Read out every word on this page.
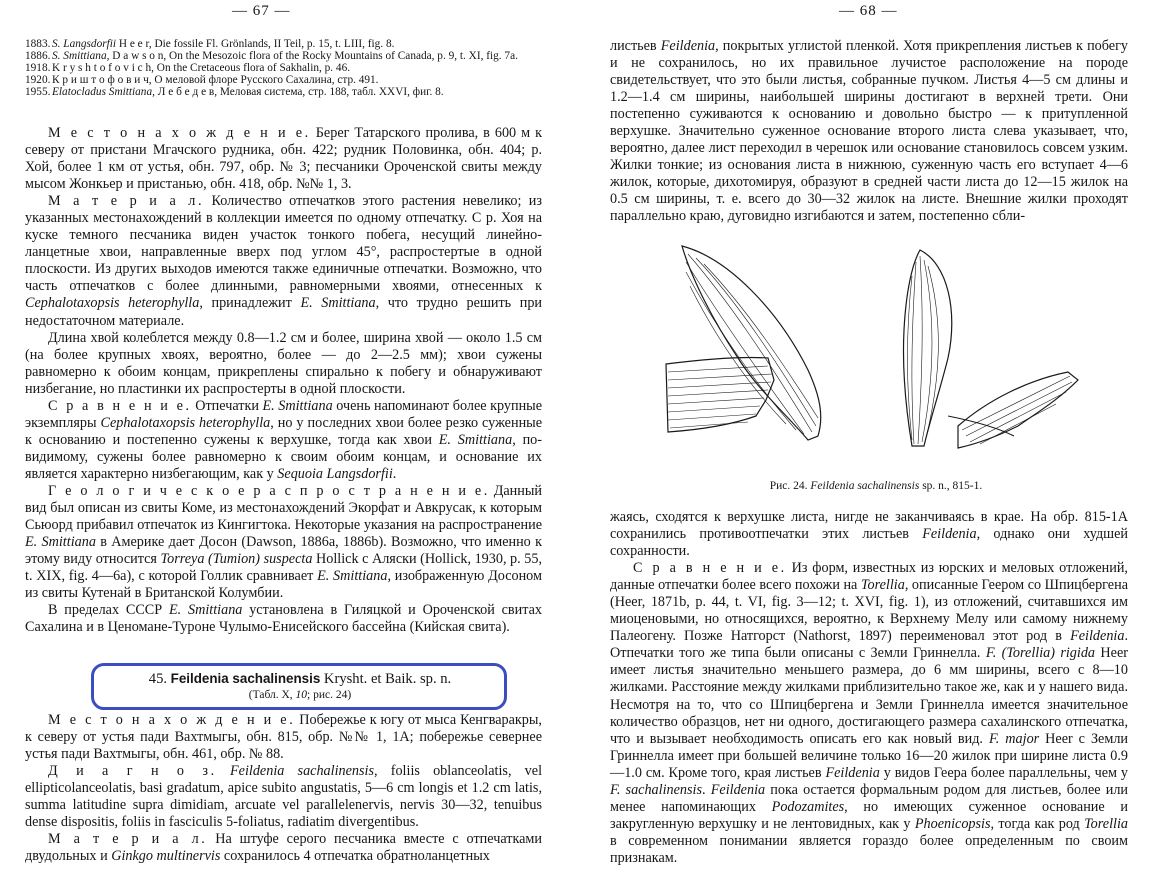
— 67 —
1883. S. Langsdorfii H e e r, Die fossile Fl. Grönlands, II Teil, p. 15, t. LIII, fig. 8.
1886. S. Smittiana, D a w s o n, On the Mesozoic flora of the Rocky Mountains of Canada, p. 9, t. XI, fig. 7a.
1918. K r y s h t o f o v i c h, On the Cretaceous flora of Sakhalin, p. 46.
1920. К р и ш т о ф о в и ч, О меловой флоре Русского Сахалина, стр. 491.
1955. Elatocladus Smittiana, Л е б е д е в, Меловая система, стр. 188, табл. XXVI, фиг. 8.

М е с т о н а х о ж д е н и е. Берег Татарского пролива, в 600 м к северу от пристани Мгачского рудника, обн. 422; рудник Половинка, обн. 404; р. Хой, более 1 км от устья, обн. 797, обр. № 3; песчаники Ороченской свиты между мысом Жонкьер и пристанью, обн. 418, обр. №№ 1, 3.

М а т е р и а л. Количество отпечатков этого растения невелико; из указанных местонахождений в коллекции имеется по одному отпечатку. С р. Хоя на куске темного песчаника виден участок тонкого побега, несущий линейно-ланцетные хвои, направленные вверх под углом 45°, распростертые в одной плоскости. Из других выходов имеются также единичные отпечатки. Возможно, что часть отпечатков с более длинными, равномерными хвоями, отнесенных к Cephalotaxopsis heterophylla, принадлежит E. Smittiana, что трудно решить при недостаточном материале.

Длина хвой колеблется между 0.8—1.2 см и более, ширина хвой — около 1.5 см (на более крупных хвоях, вероятно, более — до 2—2.5 мм); хвои сужены равномерно к обоим концам, прикреплены спирально к побегу и обнаруживают низбегание, но пластинки их распростерты в одной плоскости.

С р а в н е н и е. Отпечатки E. Smittiana очень напоминают более крупные экземпляры Cephalotaxopsis heterophylla, но у последних хвои более резко суженные к основанию и постепенно сужены к верхушке, тогда как хвои E. Smittiana, по-видимому, сужены более равномерно к своим обоим концам, и основание их является характерно низбегающим, как у Sequoia Langsdorfii.

Г е о л о г и ч е с к о е р а с п р о с т р а н е н и е. Данный вид был описан из свиты Коме, из местонахождений Экорфат и Авкрусак, к которым Сьюорд прибавил отпечаток из Кингигтока. Некоторые указания на распространение E. Smittiana в Америке дает Досон (Dawson, 1886a, 1886b). Возможно, что именно к этому виду относится Torreya (Tumion) suspecta Hollick с Аляски (Hollick, 1930, p. 55, t. XIX, fig. 4—6a), с которой Голлик сравнивает E. Smittiana, изображенную Досоном из свиты Кутенай в Британской Колумбии.

В пределах СССР E. Smittiana установлена в Гиляцкой и Ороченской свитах Сахалина и в Ценомане-Туроне Чулымо-Енисейского бассейна (Кийская свита).

45. Feildenia sachalinensis Krysht. et Baik. sp. n.
(Табл. X, 10; рис. 24)

М е с т о н а х о ж д е н и е. Побережье к югу от мыса Кенгваракры, к северу от устья пади Вахтмыгы, обн. 815, обр. №№ 1, 1А; побережье севернее устья пади Вахтмыгы, обн. 461, обр. № 88.

Д и а г н о з. Feildenia sachalinensis, foliis oblanceolatis, vel ellipticolanceolatis, basi gradatum, apice subito angustatis, 5—6 cm longis et 1.2 cm latis, summa latitudine supra dimidiam, arcuate vel parallelenervis, nervis 30—32, tenuibus dense dispositis, foliis in fasciculis 5-foliatus, radiatim divergentibus.

М а т е р и а л. На штуфе серого песчаника вместе с отпечатками двудольных и Ginkgo multinervis сохранилось 4 отпечатка обратноланцетных

— 68 —

листьев Feildenia, покрытых углистой пленкой. Хотя прикрепления листьев к побегу и не сохранилось, но их правильное лучистое расположение на породе свидетельствует, что это были листья, собранные пучком. Листья 4—5 см длины и 1.2—1.4 см ширины, наибольшей ширины достигают в верхней трети. Они постепенно суживаются к основанию и довольно быстро — к притупленной верхушке. Значительно суженное основание второго листа слева указывает, что, вероятно, далее лист переходил в черешок или основание становилось совсем узким. Жилки тонкие; из основания листа в нижнюю, суженную часть его вступает 4—6 жилок, которые, дихотомируя, образуют в средней части листа до 12—15 жилок на 0.5 см ширины, т. е. всего до 30—32 жилок на листе. Внешние жилки проходят параллельно краю, дуговидно изгибаются и затем, постепенно сбли-

Рис. 24. Feildenia sachalinensis sp. n., 815-1.

жаясь, сходятся к верхушке листа, нигде не заканчиваясь в крае. На обр. 815-1А сохранились противоотпечатки этих листьев Feildenia, однако они худшей сохранности.

С р а в н е н и е. Из форм, известных из юрских и меловых отложений, данные отпечатки более всего похожи на Torellia, описанные Геером со Шпицбергена (Heer, 1871b, p. 44, t. VI, fig. 3—12; t. XVI, fig. 1), из отложений, считавшихся им миоценовыми, но относящихся, вероятно, к Верхнему Мелу или самому нижнему Палеогену. Позже Натгорст (Nathorst, 1897) переименовал этот род в Feildenia. Отпечатки того же типа были описаны с Земли Гриннелла. F. (Torellia) rigida Heer имеет листья значительно меньшего размера, до 6 мм ширины, всего с 8—10 жилками. Расстояние между жилками приблизительно такое же, как и у нашего вида. Несмотря на то, что со Шпицбергена и Земли Гриннелла имеется значительное количество образцов, нет ни одного, достигающего размера сахалинского отпечатка, что и вызывает необходимость описать его как новый вид. F. major Heer с Земли Гриннелла имеет при большей величине только 16—20 жилок при ширине листа 0.9—1.0 см. Кроме того, края листьев Feildenia у видов Геера более параллельны, чем у F. sachalinensis. Feildenia пока остается формальным родом для листьев, более или менее напоминающих Podozamites, но имеющих суженное основание и закругленную верхушку и не лентовидных, как у Phoenicopsis, тогда как род Torellia в современном понимании является гораздо более определенным по своим признакам.
